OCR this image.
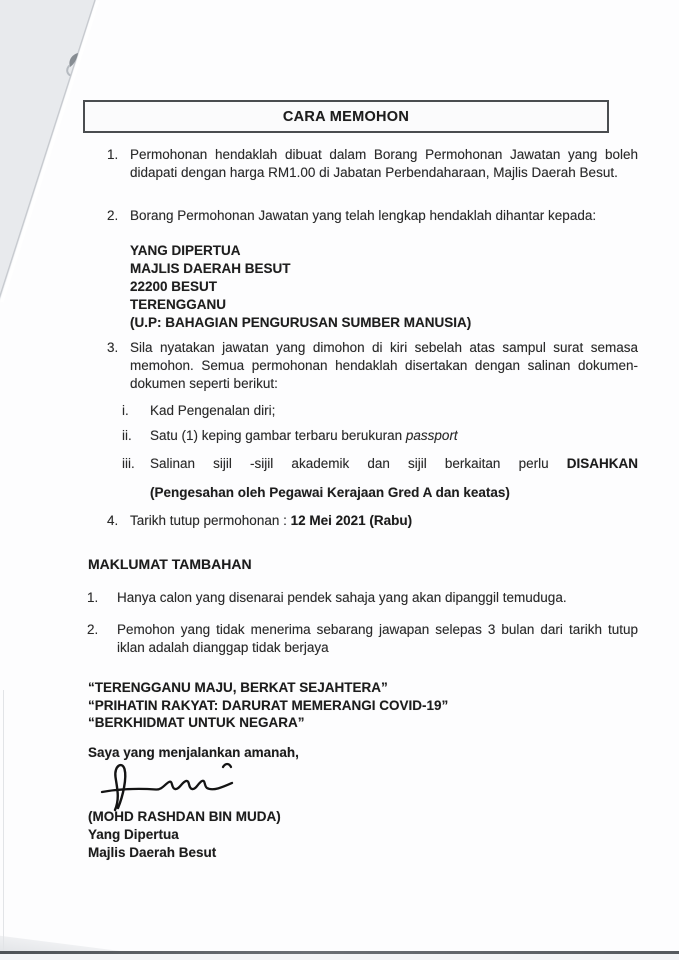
CARA MEMOHON
1. Permohonan hendaklah dibuat dalam Borang Permohonan Jawatan yang boleh didapati dengan harga RM1.00 di Jabatan Perbendaharaan, Majlis Daerah Besut.
2. Borang Permohonan Jawatan yang telah lengkap hendaklah dihantar kepada:
YANG DIPERTUA
MAJLIS DAERAH BESUT
22200 BESUT
TERENGGANU
(U.P: BAHAGIAN PENGURUSAN SUMBER MANUSIA)
3. Sila nyatakan jawatan yang dimohon di kiri sebelah atas sampul surat semasa memohon. Semua permohonan hendaklah disertakan dengan salinan dokumen-dokumen seperti berikut:
i.	Kad Pengenalan diri;
ii.	Satu (1) keping gambar terbaru berukuran passport
iii.	Salinan sijil -sijil akademik dan sijil berkaitan perlu DISAHKAN
(Pengesahan oleh Pegawai Kerajaan Gred A dan keatas)
4. Tarikh tutup permohonan : 12 Mei 2021 (Rabu)
MAKLUMAT TAMBAHAN
1.	Hanya calon yang disenarai pendek sahaja yang akan dipanggil temuduga.
2.	Pemohon yang tidak menerima sebarang jawapan selepas 3 bulan dari tarikh tutup iklan adalah dianggap tidak berjaya
“TERENGGANU MAJU, BERKAT SEJAHTERA”
“PRIHATIN RAKYAT: DARURAT MEMERANGI COVID-19”
“BERKHIDMAT UNTUK NEGARA”
Saya yang menjalankan amanah,
(MOHD RASHDAN BIN MUDA)
Yang Dipertua
Majlis Daerah Besut
